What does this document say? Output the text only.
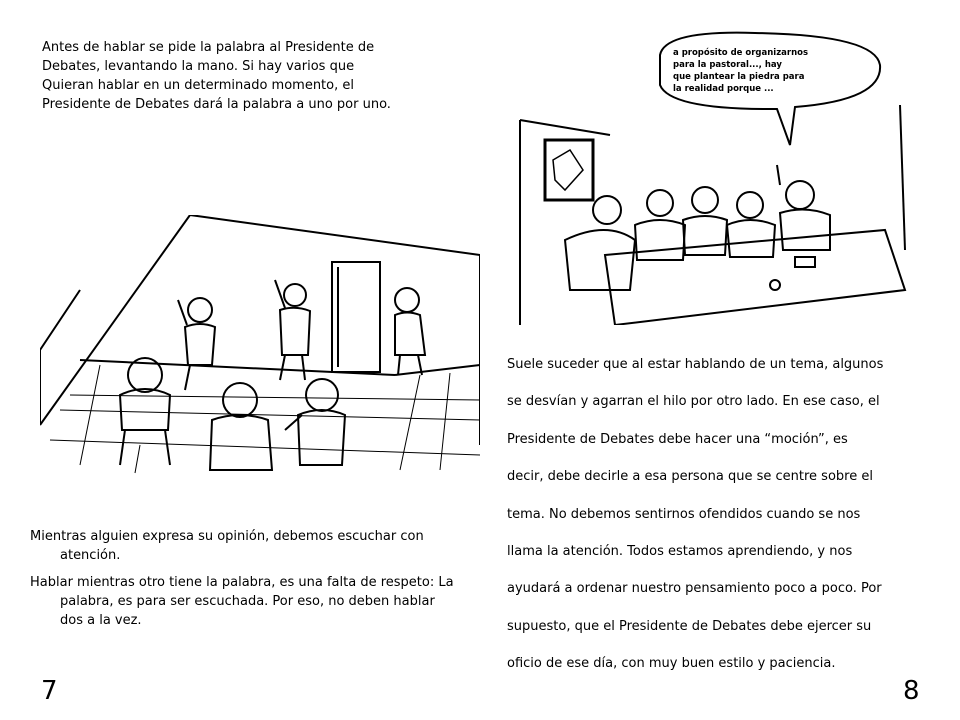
Antes de hablar se pide la palabra al Presidente de
Debates, levantando la mano. Si hay varios que
Quieran hablar en un determinado momento, el
Presidente de Debates dará la palabra a uno por uno.
a propósito de organizarnos
para la pastoral..., hay
que plantear la piedra para
la realidad porque ...

Mientras alguien expresa su opinión, debemos escuchar con atención.

Hablar mientras otro tiene la palabra, es una falta de respeto: La palabra, es para ser escuchada. Por eso, no deben hablar dos a la vez.

Suele suceder que al estar hablando de un tema, algunos
se desvían y agarran el hilo por otro lado. En ese caso, el
Presidente de Debates debe hacer una “moción”, es
decir, debe decirle a esa persona que se centre sobre el
tema. No debemos sentirnos ofendidos cuando se nos
llama la atención. Todos estamos aprendiendo, y nos
ayudará a ordenar nuestro pensamiento poco a poco. Por
supuesto, que el Presidente de Debates debe ejercer su
oficio de ese día, con muy buen estilo y paciencia.
7	8
